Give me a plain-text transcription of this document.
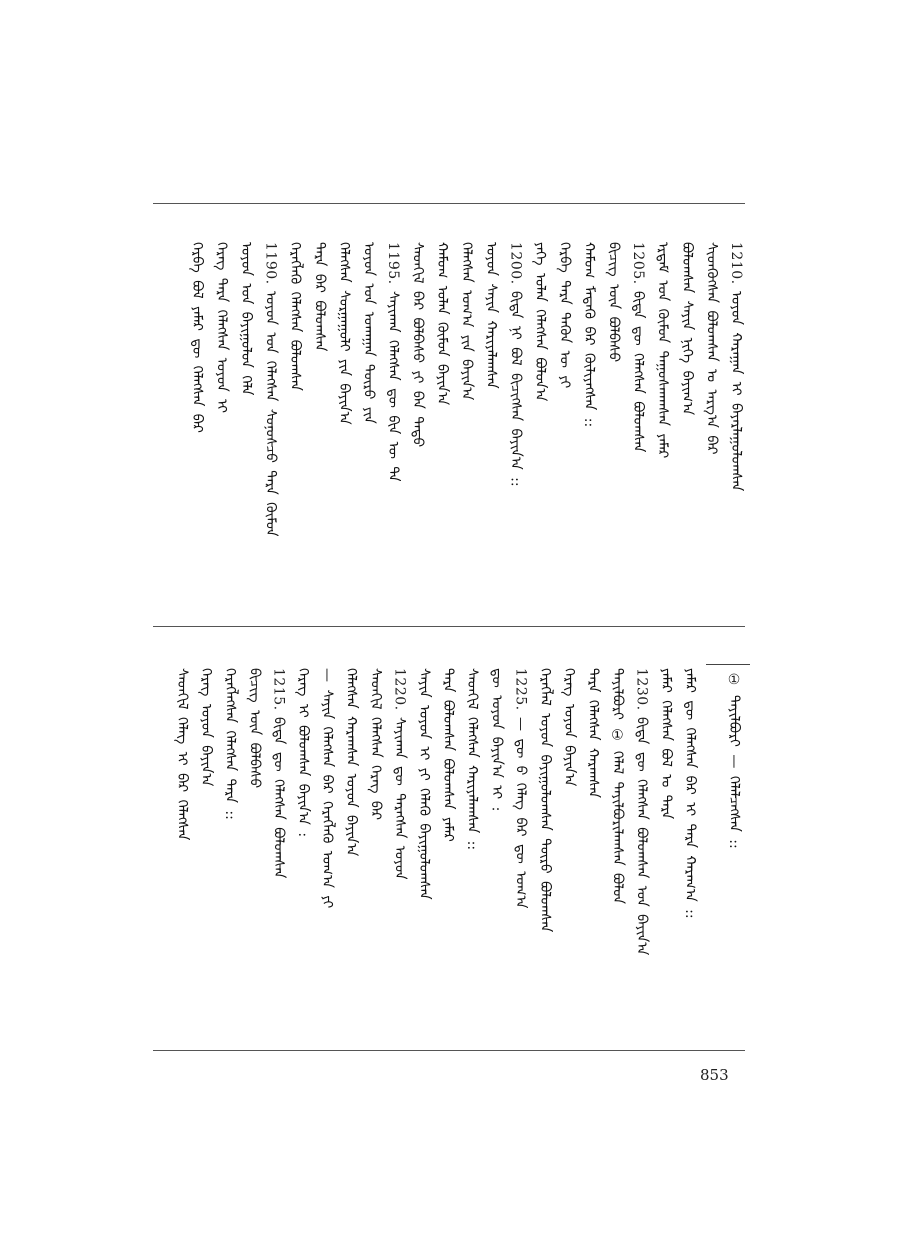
1210.
ᠣᠶᠤᠨ ᠬᠠᠷᠠᠭᠠᠨ ᠢ ᠪᠠᠶᠠᠷᠯᠠᠭᠤᠯᠤᠭᠰᠠᠨ
ᠰᠢᠳᠬᠦᠭᠰᠡᠨ ᠪᠣᠯᠤᠭᠰᠠᠨ ᠤ ᠠᠷᠭ᠎ᠠ ᠪᠠᠷ
ᠪᠣᠯᠤᠭᠰᠠᠨ ᠰᠠᠶᠢᠨ ᠨᠢᠭᠡ ᠪᠠᠶᠢᠭ᠎ᠠ
ᠡᠷᠳᠡᠮ ᠤᠨ ᠬᠦᠮᠦᠨ ᠳᠠᠭᠤᠰᠬᠠᠭᠰᠠᠨ ᠶᠠᠮᠠᠷ
1205.
ᠪᠢᠳᠡ ᠳᠦ ᠬᠡᠯᠡᠭᠰᠡᠨ ᠪᠣᠯᠤᠭᠰᠠᠨ
ᠪᠢᠴᠢᠭ ᠦᠨ ᠪᠣᠯᠪᠠᠰᠤ
ᠬᠠᠮᠤᠭ ᠮᠡᠳᠡᠬᠦ ᠪᠡᠷ ᠬᠦᠯᠢᠶᠡᠭᠰᠡᠨ ::
ᠬᠡᠷᠪᠡ ᠲᠡᠷᠡ ᠲᠡᠭᠦᠨ ᠦ ᠶᠢ
ᠶᠡᠬᠡ ᠤᠯᠠᠨ ᠬᠡᠯᠡᠭᠰᠡᠨ ᠪᠣᠯᠤᠨ᠎ᠠ
1200.
ᠪᠢᠳᠡ ᠨᠢ ᠪᠣᠯ ᠪᠢᠴᠢᠭᠰᠡᠨ ᠪᠠᠶᠢᠨ᠎ᠠ ::
ᠣᠶᠤᠨ ᠰᠠᠶᠢᠨ ᠬᠠᠷᠢᠶᠠᠯᠠᠭᠰᠠᠨ
ᠬᠡᠯᠡᠭᠰᠡᠨ ᠤᠭ᠎ᠠ ᠶᠢᠨ ᠪᠠᠶᠢᠨ᠎ᠠ
ᠬᠠᠮᠤᠭ ᠤᠯᠠᠨ ᠬᠦᠮᠦᠨ ᠪᠠᠶᠢᠨ᠎ᠠ
ᠰᠡᠳᠬᠢᠯ ᠪᠠᠷ ᠪᠣᠯᠪᠠᠰᠤ ᠶᠢ ᠪᠡᠨ ᠲᠡᠳᠦ
1195.
ᠰᠠᠶᠢᠬᠠᠨ ᠬᠡᠯᠡᠭᠰᠡᠨ ᠳᠦ ᠪᠢᠨ ᠦ ᠲᠡ
ᠣᠶᠤᠨ ᠤᠨ ᠤᠬᠠᠭᠠᠨ ᠲᠦᠷᠦ ᠶᠢᠨ
ᠬᠡᠯᠡᠭᠰᠡᠨ ᠰᠤᠷᠭᠠᠭᠤᠯᠢ ᠶᠢᠨ ᠪᠠᠶᠢᠨ᠎ᠠ
ᠲᠡᠷᠡ ᠪᠠᠷ ᠪᠣᠯᠤᠭᠰᠠᠨ
ᠬᠡᠷᠡᠭᠯᠡᠬᠦ ᠬᠡᠯᠡᠭᠰᠡᠨ ᠪᠣᠯᠤᠭᠰᠠᠨ
1190.
ᠣᠶᠤᠨ ᠤᠨ ᠬᠡᠯᠡᠭᠰᠡᠨ ᠰᠣᠨᠣᠰᠴᠤ ᠲᠡᠷᠡ ᠬᠦᠮᠦᠨ
ᠣᠶᠤᠨ ᠤᠨ ᠪᠠᠶᠢᠭᠤᠯᠤᠨ ᠬᠡᠯᠡ
ᠬᠡᠷᠡᠭ ᠲᠡᠷᠡ ᠬᠡᠯᠡᠭᠰᠡᠨ ᠣᠶᠤᠨ ᠢ
ᠬᠡᠷᠪᠡ ᠪᠣᠯ ᠶᠠᠮᠠᠷ ᠳᠦ ᠬᠡᠯᠡᠭᠰᠡᠨ ᠪᠠᠷ
①
ᠲᠠᠶᠢᠯᠪᠤᠷᠢ — ᠬᠡᠯᠡᠯᠴᠡᠭᠰᠡᠨ ::
ᠶᠠᠮᠠᠷ ᠳᠦ ᠬᠡᠯᠡᠭᠰᠡᠨ ᠪᠠᠷ ᠢ ᠲᠡᠷᠡ ᠬᠠᠷᠠᠭ᠎ᠠ ::
ᠶᠠᠮᠠᠷ ᠬᠡᠯᠡᠭᠰᠡᠨ ᠪᠣᠯ ᠤ ᠲᠡᠷᠡ
1230.
ᠪᠢᠳᠡ ᠳᠦ ᠬᠡᠯᠡᠭᠰᠡᠨ ᠪᠣᠯᠤᠭᠰᠠᠨ ᠤᠨ ᠪᠠᠶᠢᠨ᠎ᠠ
ᠲᠠᠶᠢᠯᠪᠤᠷᠢ ① ᠬᠡᠯᠡᠯ ᠲᠠᠶᠢᠯᠪᠤᠷᠢᠯᠠᠭᠰᠠᠨ ᠪᠣᠯᠤᠨ
ᠲᠡᠷᠡ ᠬᠡᠯᠡᠭᠰᠡᠨ ᠬᠠᠷᠠᠭᠰᠠᠨ
ᠬᠡᠷᠡᠭ ᠣᠶᠤᠨ ᠪᠠᠶᠢᠨ᠎ᠠ
ᠬᠡᠷᠡᠭᠯᠡᠯ ᠣᠶᠤᠨ ᠪᠠᠶᠢᠭᠤᠯᠤᠭᠰᠠᠨ ᠲᠦᠷᠦ ᠪᠣᠯᠤᠭᠰᠠᠨ
1225.
— ᠳᠦ ᠪ ᠬᠡᠯᠡᠭ ᠪᠠᠷ ᠳᠦ ᠤᠭ᠎ᠠ
ᠳᠦ ᠣᠶᠤᠨ ᠪᠠᠶᠢᠨ᠎ᠠ ᠢ :
ᠰᠡᠳᠬᠢᠯ ᠬᠡᠯᠡᠭᠰᠡᠨ ᠬᠠᠷᠢᠶᠠᠯᠠᠭᠰᠠᠨ ::
ᠲᠡᠷᠡ ᠪᠣᠯᠤᠭᠰᠠᠨ ᠪᠣᠯᠤᠭᠰᠠᠨ ᠶᠠᠮᠠᠷ
ᠰᠠᠶᠢᠨ ᠣᠶᠤᠨ ᠢ ᠶᠢ ᠬᠡᠯᠡᠬᠦ ᠪᠠᠶᠢᠭᠤᠯᠤᠭᠰᠠᠨ
1220.
ᠰᠠᠶᠢᠬᠠᠨ ᠳᠦ ᠲᠡᠷᠡᠭᠰᠡᠨ ᠣᠶᠤᠨ
ᠰᠡᠳᠬᠢᠯ ᠬᠡᠯᠡᠭᠰᠡᠨ ᠬᠡᠷᠡᠭ ᠪᠠᠷ
ᠬᠡᠯᠡᠭᠰᠡᠨ ᠬᠠᠷᠠᠭᠰᠠᠨ ᠣᠶᠤᠨ ᠪᠠᠶᠢᠨ᠎ᠠ
— ᠰᠠᠶᠢᠨ ᠬᠡᠯᠡᠭᠰᠡᠨ ᠪᠠᠷ ᠬᠡᠷᠡᠭᠯᠡᠬᠦ ᠤᠭ᠎ᠠ ᠶᠢ
ᠬᠡᠷᠡᠭ ᠢ ᠪᠣᠯᠤᠭᠰᠠᠨ ᠪᠠᠶᠢᠨ᠎ᠠ :
1215.
ᠪᠢᠳᠡ ᠳᠦ ᠬᠡᠯᠡᠭᠰᠡᠨ ᠪᠣᠯᠤᠭᠰᠠᠨ
ᠪᠢᠴᠢᠭ ᠦᠨ ᠪᠣᠯᠪᠠᠰᠤ
ᠬᠡᠷᠡᠭᠯᠡᠭᠰᠡᠨ ᠬᠡᠯᠡᠭᠰᠡᠨ ᠲᠡᠷᠡ ::
ᠬᠡᠷᠡᠭ ᠣᠶᠤᠨ ᠪᠠᠶᠢᠨ᠎ᠠ
ᠰᠡᠳᠬᠢᠯ ᠬᠡᠯᠡᠭ ᠢ ᠪᠠᠷ ᠬᠡᠯᠡᠭᠰᠡᠨ
853
